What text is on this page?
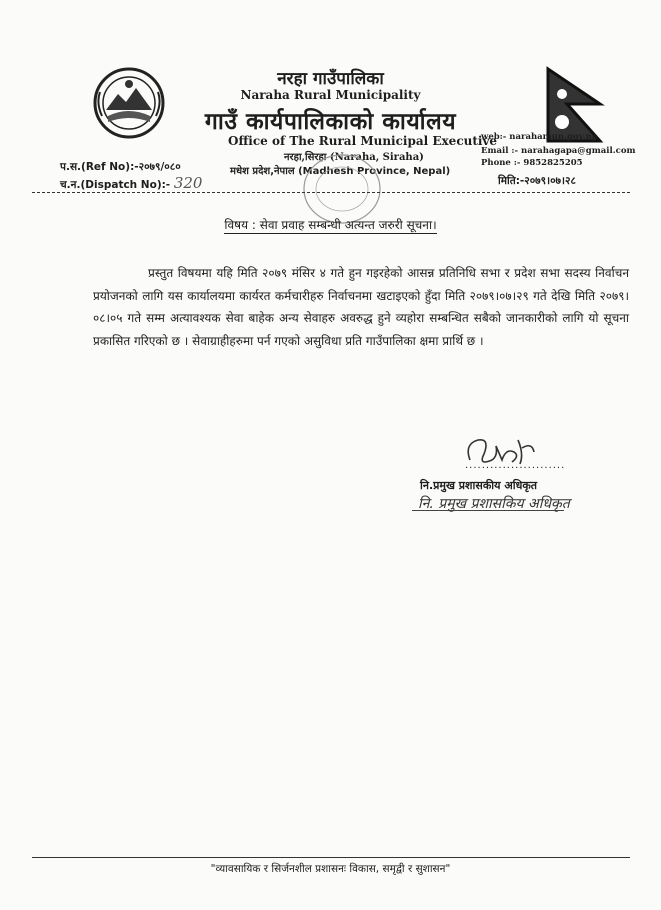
नरहा गाउँपालिका
Naraha Rural Municipality
गाउँ कार्यपालिकाको कार्यालय
Office of The Rural Municipal Executive
नरहा,सिरहा (Naraha, Siraha)
मधेश प्रदेश,नेपाल (Madhesh Province, Nepal)
web:- narahamun.gov.np
Email :- narahagapa@gmail.com
Phone :- 9852825205
प.स.(Ref No):-२०७९/०८०
च.न.(Dispatch No):- 320	मिति:-२०७९।०७।२८
विषय : सेवा प्रवाह सम्बन्धी अत्यन्त जरुरी सूचना।
प्रस्तुत विषयमा यहि मिति २०७९ मंसिर ४ गते हुन गइरहेको आसन्न प्रतिनिधि सभा र प्रदेश सभा सदस्य निर्वाचन प्रयोजनको लागि यस कार्यालयमा कार्यरत कर्मचारीहरु निर्वाचनमा खटाइएको हुँदा मिति २०७९।०७।२९ गते देखि मिति २०७९।०८।०५ गते सम्म अत्यावश्यक सेवा बाहेक अन्य सेवाहरु अवरुद्ध हुने व्यहोरा सम्बन्धित सबैको जानकारीको लागि यो सूचना प्रकासित गरिएको छ । सेवाग्राहीहरुमा पर्न गएको असुविधा प्रति गाउँपालिका क्षमा प्रार्थि छ ।
........................
नि.प्रमुख प्रशासकीय अधिकृत
नि. प्रमुख प्रशासकिय अधिकृत
"व्यावसायिक र सिर्जनशील प्रशासनः विकास, समृद्वी र सुशासन"
